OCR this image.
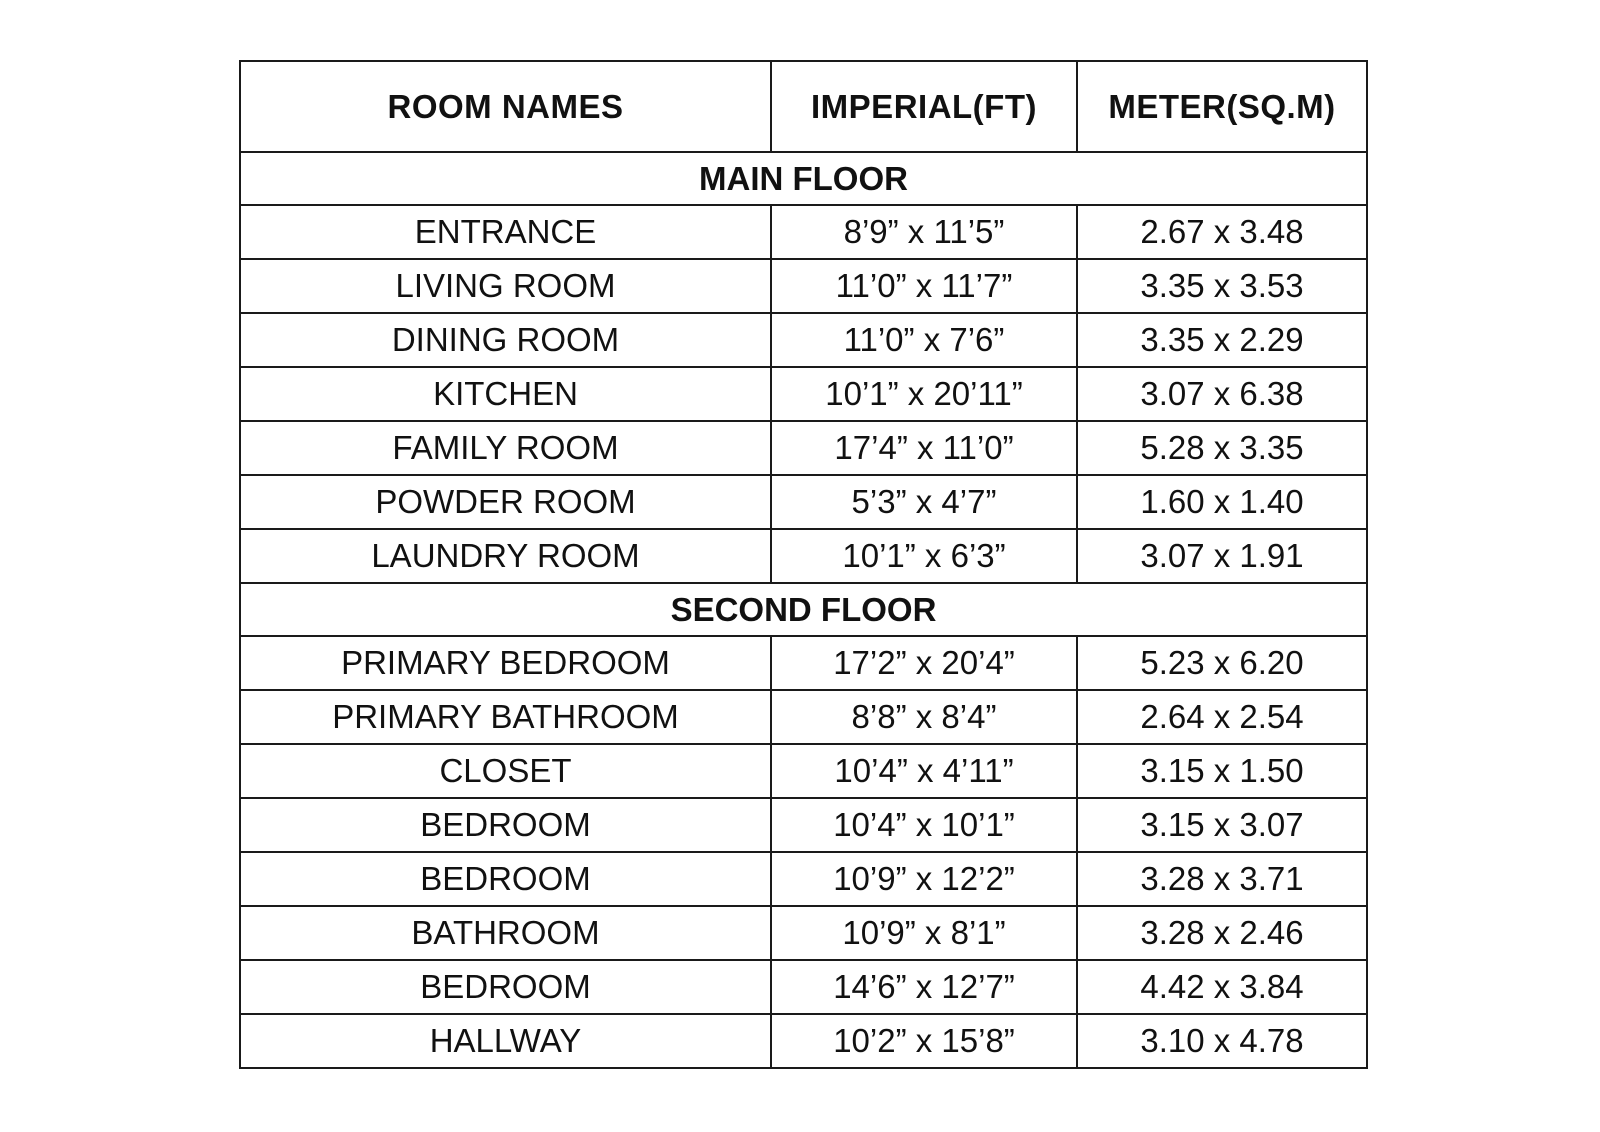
ROOM NAMES	IMPERIAL(FT)	METER(SQ.M)
MAIN FLOOR		
ENTRANCE	8’9” x 11’5”	2.67 x 3.48
LIVING ROOM	11’0” x 11’7”	3.35 x 3.53
DINING ROOM	11’0” x 7’6”	3.35 x 2.29
KITCHEN	10’1” x 20’11”	3.07 x 6.38
FAMILY ROOM	17’4” x 11’0”	5.28 x 3.35
POWDER ROOM	5’3” x 4’7”	1.60 x 1.40
LAUNDRY ROOM	10’1” x 6’3”	3.07 x 1.91
SECOND FLOOR		
PRIMARY BEDROOM	17’2” x 20’4”	5.23 x 6.20
PRIMARY BATHROOM	8’8” x 8’4”	2.64 x 2.54
CLOSET	10’4” x 4’11”	3.15 x 1.50
BEDROOM	10’4” x 10’1”	3.15 x 3.07
BEDROOM	10’9” x 12’2”	3.28 x 3.71
BATHROOM	10’9” x 8’1”	3.28 x 2.46
BEDROOM	14’6” x 12’7”	4.42 x 3.84
HALLWAY	10’2” x 15’8”	3.10 x 4.78
